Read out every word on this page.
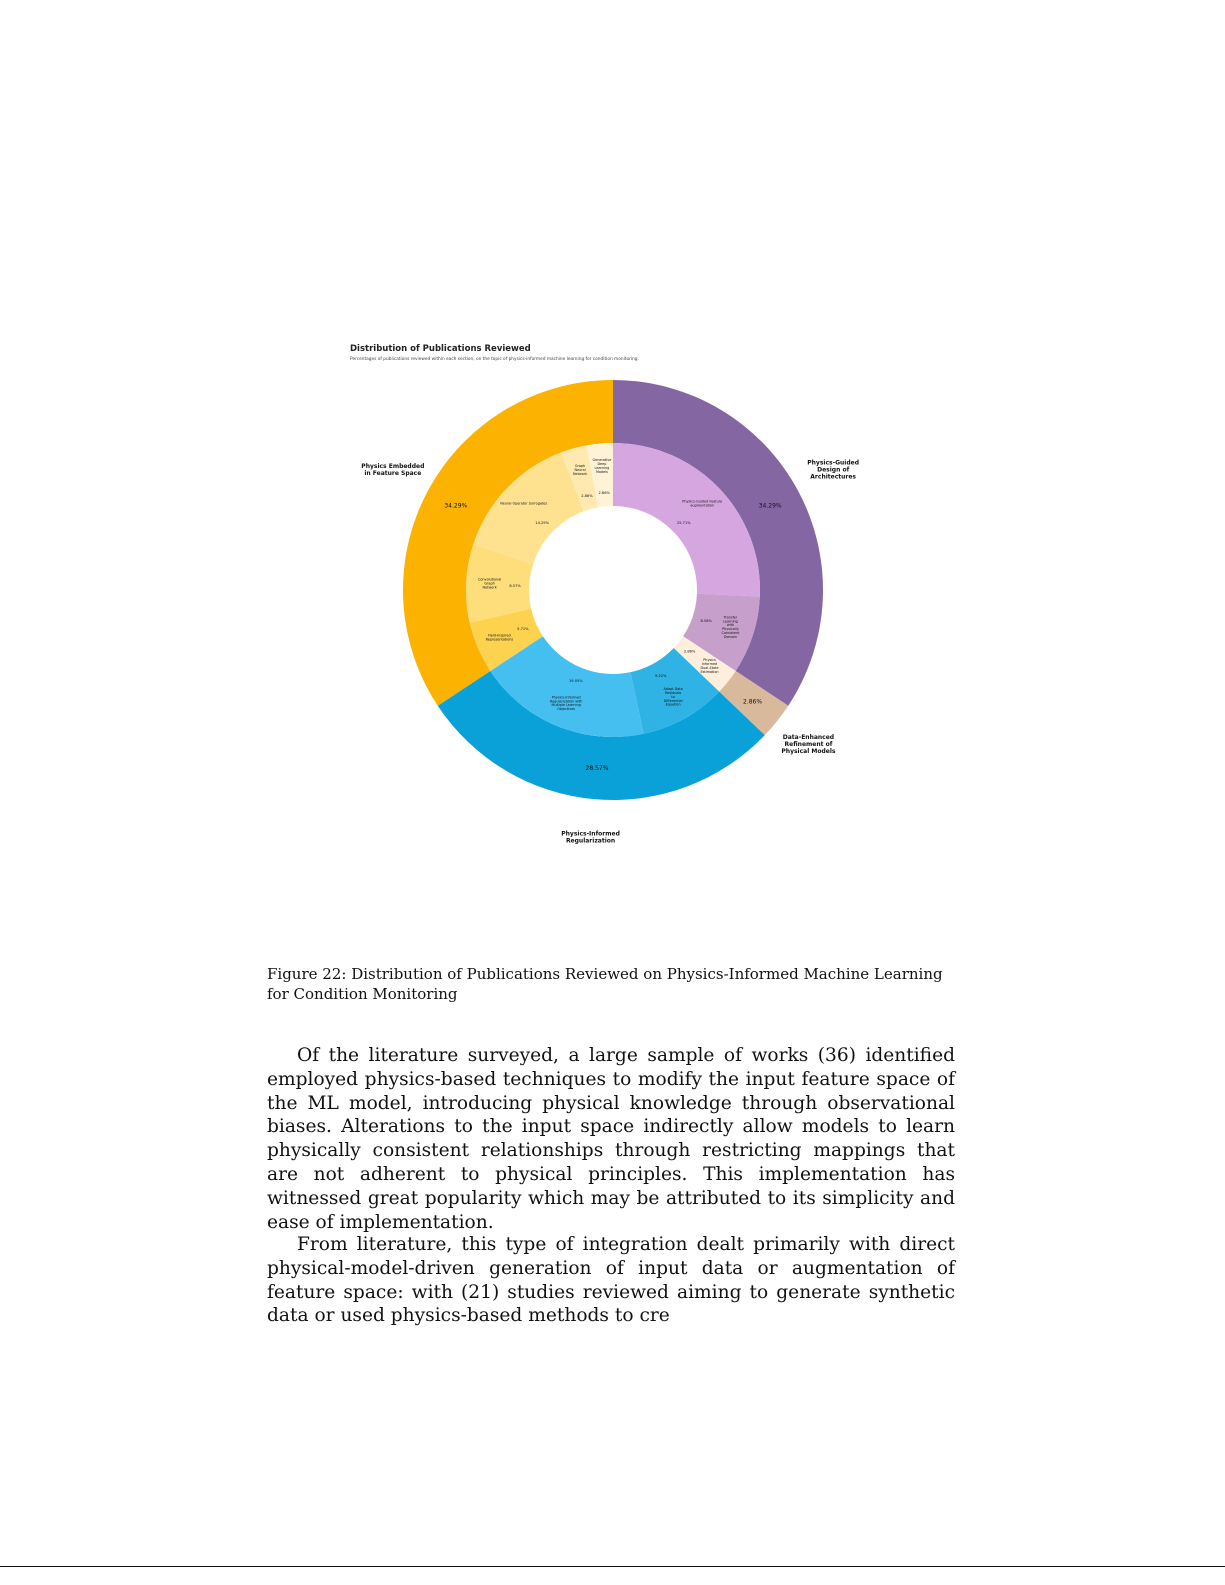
Distribution of Publications Reviewed
Percentages of publications reviewed within each section, on the topic of physics-informed machine learning for condition monitoring.
34.29%
2.86%
28.57%
34.29%
Physics-Guided Design of Architectures
Data-Enhanced Refinement of Physical Models
Physics-Informed Regularization
Physics Embedded in Feature Space
Physics-Guided Feature augmentation
25.71%
Transfer Learning with Physically Consistent Domain
8.58%
Physics Informed Dual-State Estimation
2.86%
Adapt Data Residuals to Differential Equation
9.52%
Physics-Informed Regularization with Multiple Learning Objectives
19.05%
Field-Inspired Representations
5.71%
Convolutional Graph Network	8.57%
Neural Operator Surrogates
14.29%
Graph Neural Network
2.86%
Generative Deep Learning Models
2.86%
Figure 22: Distribution of Publications Reviewed on Physics-Informed Machine Learning for Condition Monitoring

Of the literature surveyed, a large sample of works (36) identified employed physics-based techniques to modify the input feature space of the ML model, introducing physical knowledge through observational biases. Alterations to the input space indirectly allow models to learn physically consistent relationships through restricting mappings that are not adherent to physical principles. This implementation has witnessed great popularity which may be attributed to its simplicity and ease of implementation.

From literature, this type of integration dealt primarily with direct physical-model-driven generation of input data or augmentation of feature space: with (21) studies reviewed aiming to generate synthetic data or used physics-based methods to cre
